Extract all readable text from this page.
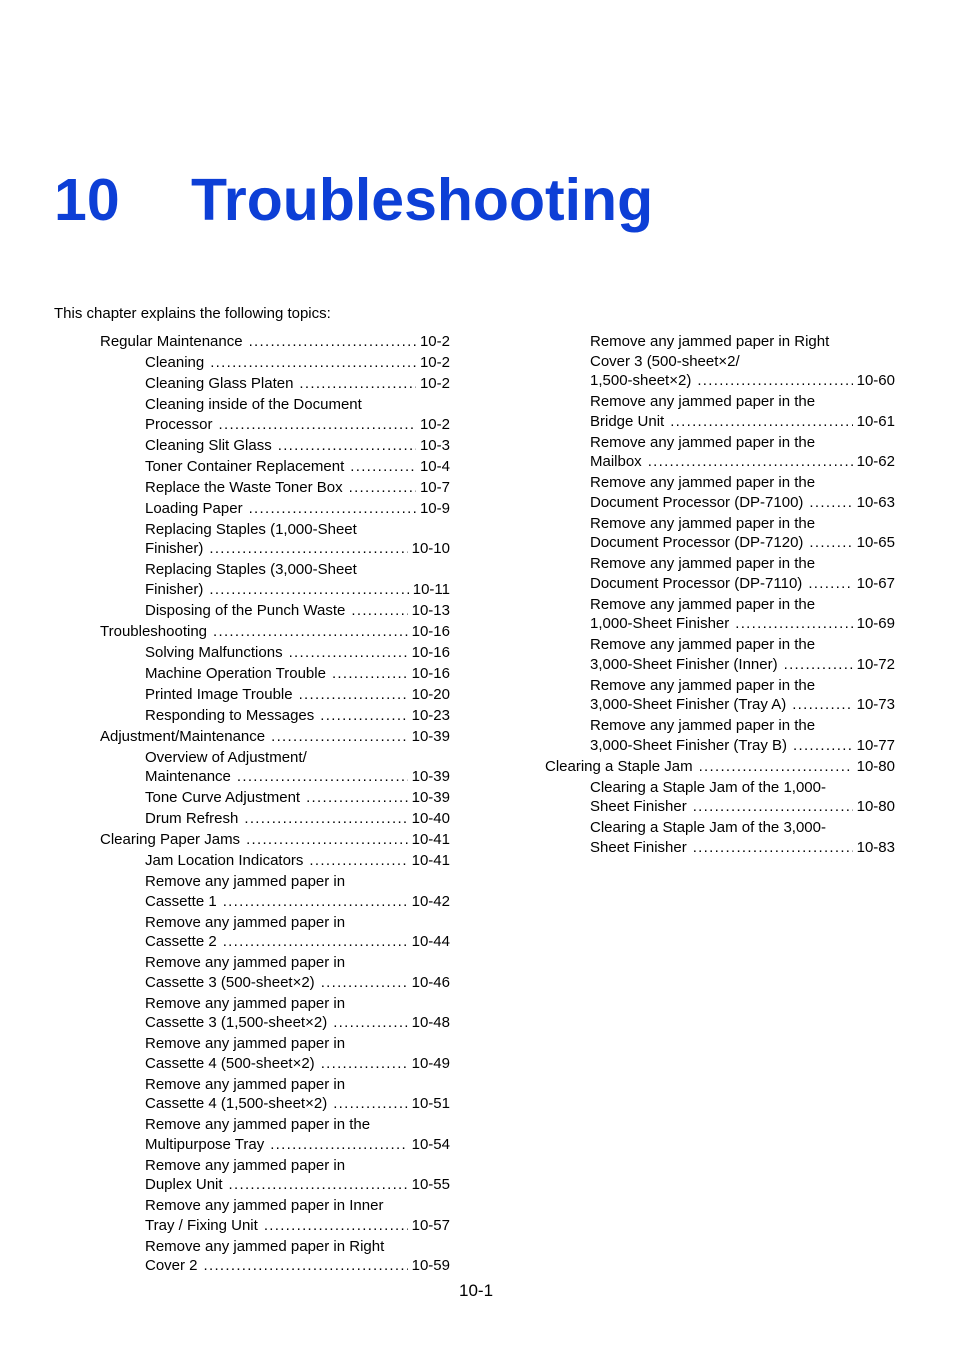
10 Troubleshooting
This chapter explains the following topics:
Regular Maintenance .....	10-2
Cleaning .....	10-2
Cleaning Glass Platen .....	10-2
Cleaning inside of the Document
Processor .....	10-2
Cleaning Slit Glass .....	10-3
Toner Container Replacement .....	10-4
Replace the Waste Toner Box .....	10-7
Loading Paper .....	10-9
Replacing Staples (1,000-Sheet
Finisher) .....	10-10
Replacing Staples (3,000-Sheet
Finisher) .....	10-11
Disposing of the Punch Waste .....	10-13
Troubleshooting .....	10-16
Solving Malfunctions .....	10-16
Machine Operation Trouble .....	10-16
Printed Image Trouble .....	10-20
Responding to Messages .....	10-23
Adjustment/Maintenance .....	10-39
Overview of Adjustment/
Maintenance .....	10-39
Tone Curve Adjustment .....	10-39
Drum Refresh .....	10-40
Clearing Paper Jams .....	10-41
Jam Location Indicators .....	10-41
Remove any jammed paper in
Cassette 1 .....	10-42
Remove any jammed paper in
Cassette 2 .....	10-44
Remove any jammed paper in
Cassette 3 (500-sheet×2) .....	10-46
Remove any jammed paper in
Cassette 3 (1,500-sheet×2) .....	10-48
Remove any jammed paper in
Cassette 4 (500-sheet×2) .....	10-49
Remove any jammed paper in
Cassette 4 (1,500-sheet×2) .....	10-51
Remove any jammed paper in the
Multipurpose Tray .....	10-54
Remove any jammed paper in
Duplex Unit .....	10-55
Remove any jammed paper in Inner
Tray / Fixing Unit .....	10-57
Remove any jammed paper in Right
Cover 2 .....	10-59
Remove any jammed paper in Right
Cover 3 (500-sheet×2/
1,500-sheet×2) .....	10-60
Remove any jammed paper in the
Bridge Unit .....	10-61
Remove any jammed paper in the
Mailbox .....	10-62
Remove any jammed paper in the
Document Processor (DP-7100) .....	10-63
Remove any jammed paper in the
Document Processor (DP-7120) .....	10-65
Remove any jammed paper in the
Document Processor (DP-7110) .....	10-67
Remove any jammed paper in the
1,000-Sheet Finisher .....	10-69
Remove any jammed paper in the
3,000-Sheet Finisher (Inner) .....	10-72
Remove any jammed paper in the
3,000-Sheet Finisher (Tray A) .....	10-73
Remove any jammed paper in the
3,000-Sheet Finisher (Tray B) .....	10-77
Clearing a Staple Jam .....	10-80
Clearing a Staple Jam of the 1,000-
Sheet Finisher .....	10-80
Clearing a Staple Jam of the 3,000-
Sheet Finisher .....	10-83
10-1
